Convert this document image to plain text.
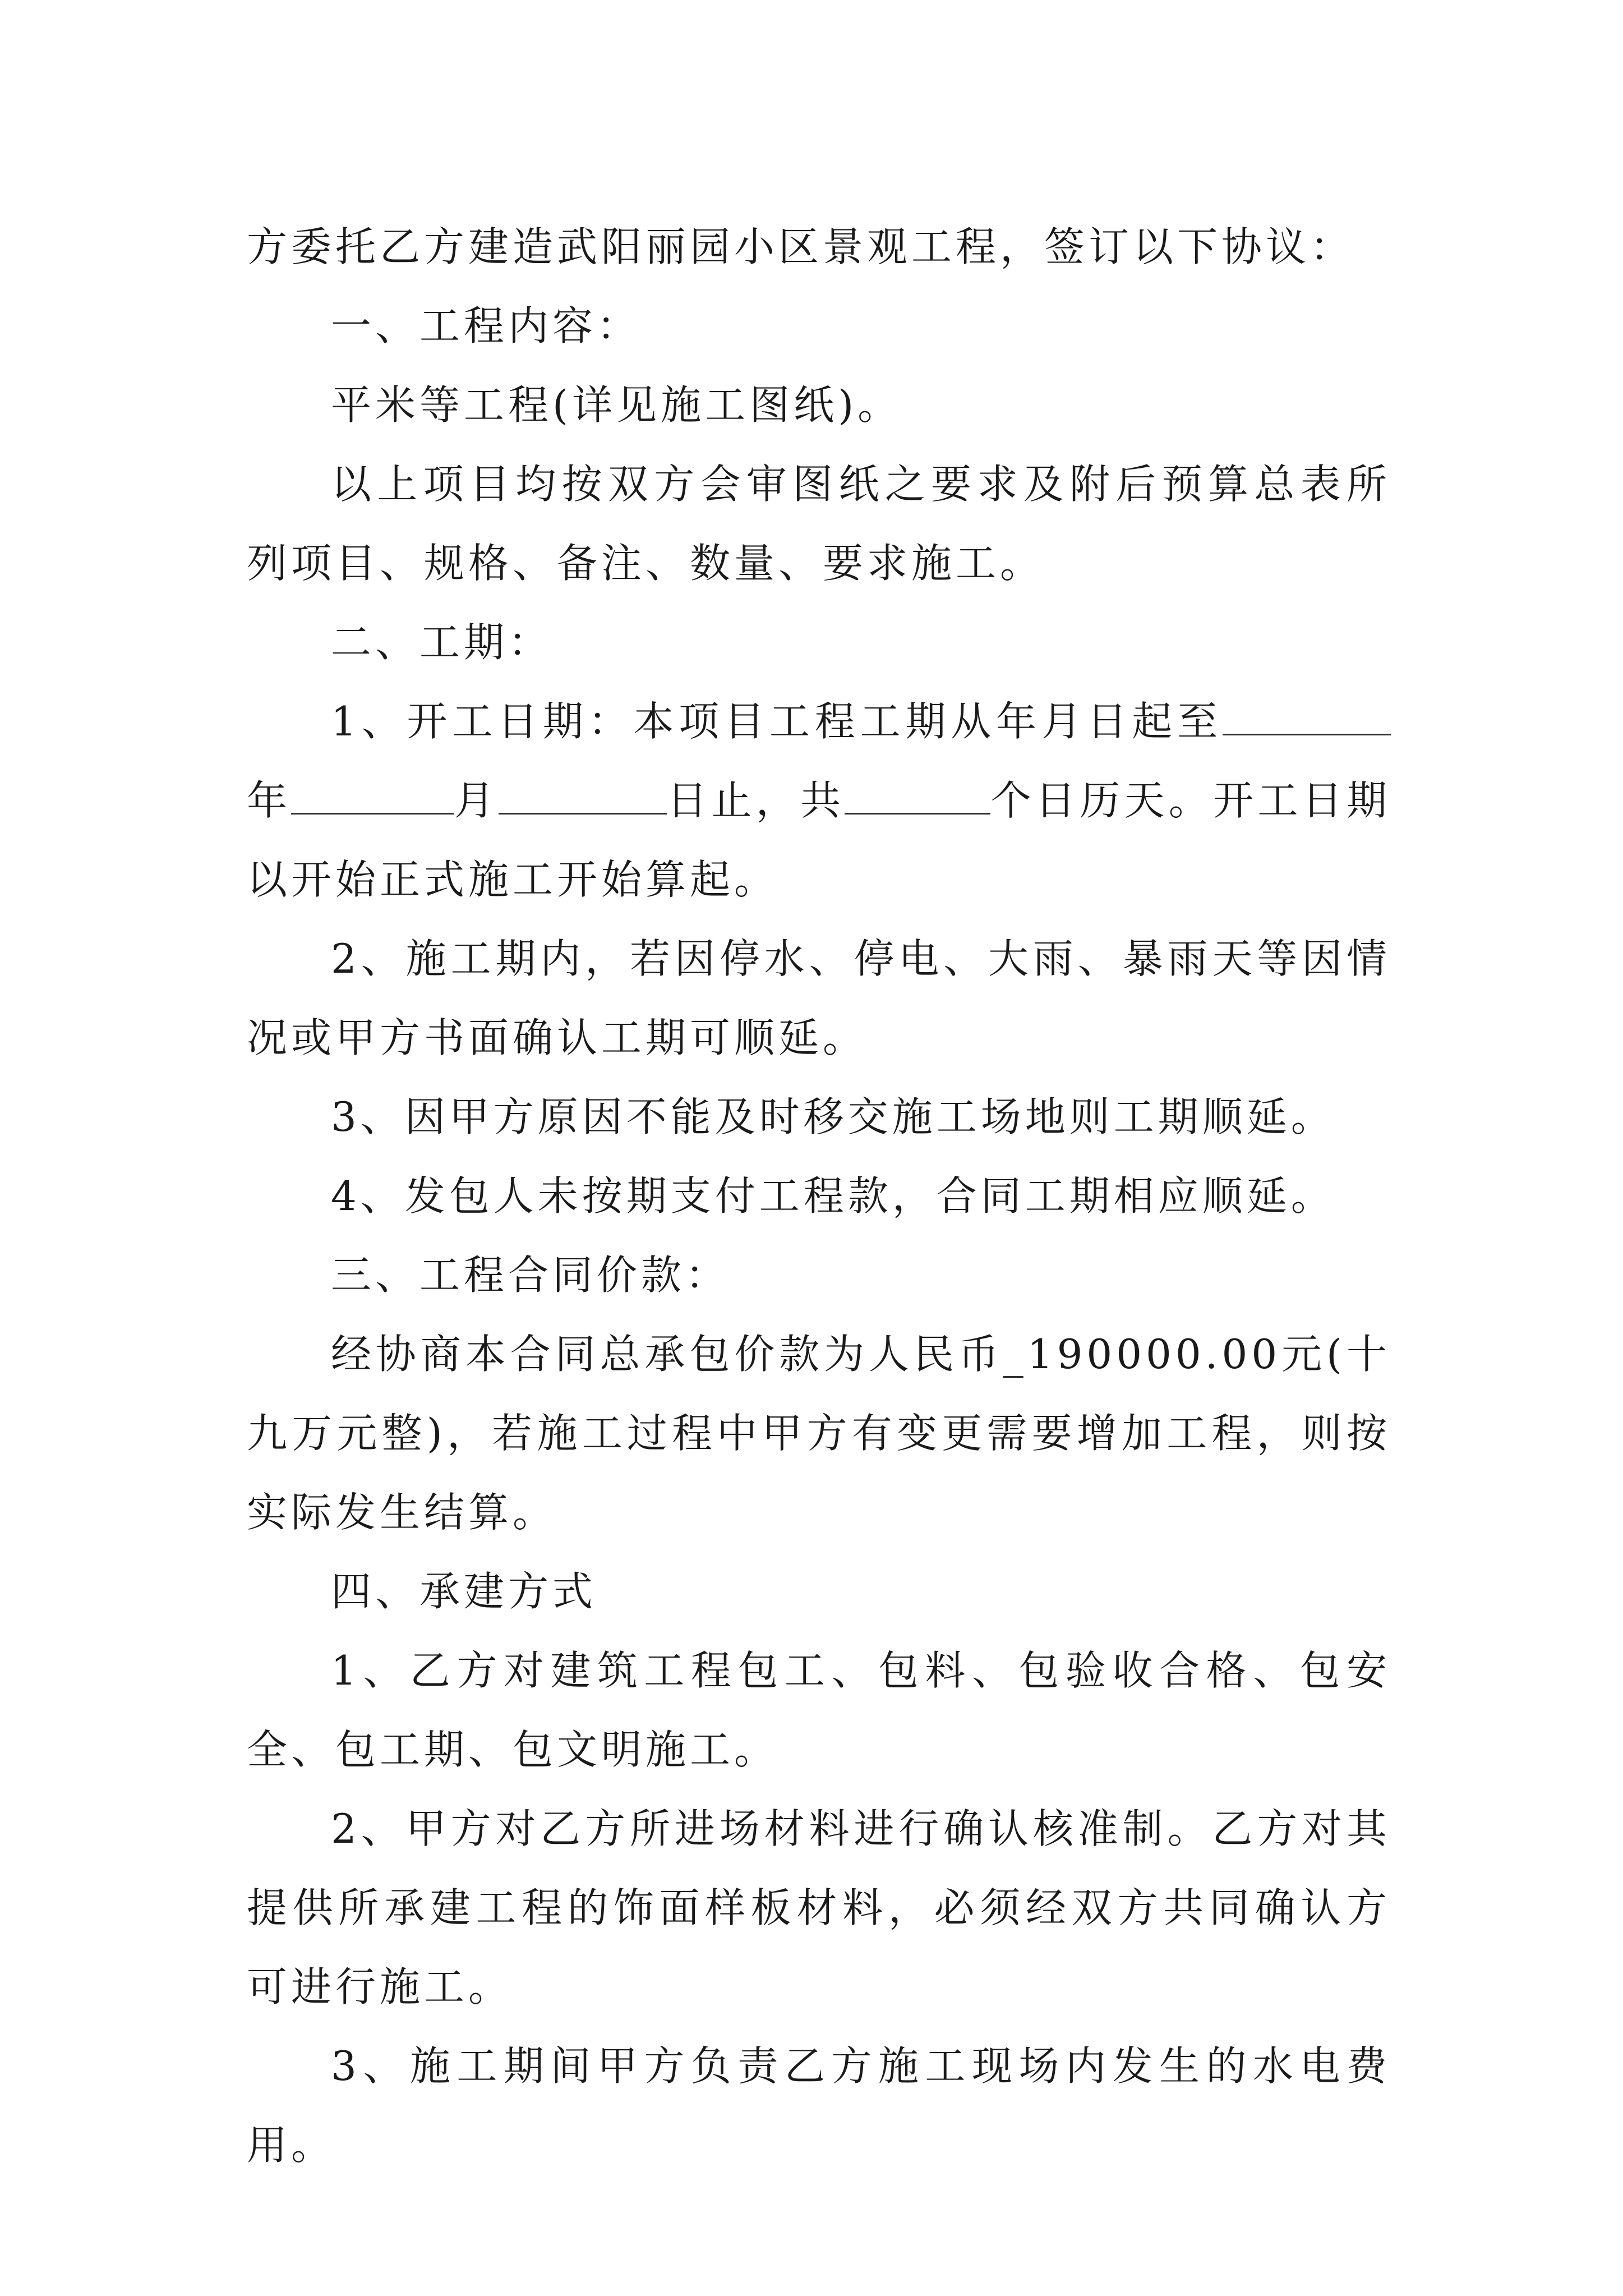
方委托乙方建造武阳丽园小区景观工程，签订以下协议：

一、工程内容：

平米等工程(详见施工图纸)。

以上项目均按双方会审图纸之要求及附后预算总表所列项目、规格、备注、数量、要求施工。

二、工期：

1、开工日期：本项目工程工期从年月日起至年	月	日止，共	个日历天。开工日期以开始正式施工开始算起。

2、施工期内，若因停水、停电、大雨、暴雨天等因情况或甲方书面确认工期可顺延。

3、因甲方原因不能及时移交施工场地则工期顺延。

4、发包人未按期支付工程款，合同工期相应顺延。

三、工程合同价款：

经协商本合同总承包价款为人民币_190000.00元(十九万元整)，若施工过程中甲方有变更需要增加工程，则按实际发生结算。

四、承建方式

1、乙方对建筑工程包工、包料、包验收合格、包安全、包工期、包文明施工。

2、甲方对乙方所进场材料进行确认核准制。乙方对其提供所承建工程的饰面样板材料，必须经双方共同确认方可进行施工。

3、施工期间甲方负责乙方施工现场内发生的水电费用。
